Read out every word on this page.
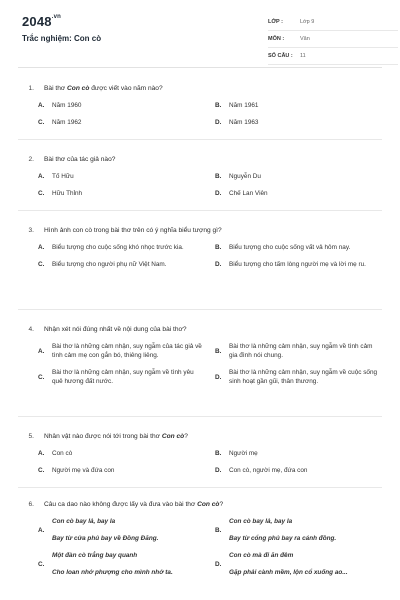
$2048^{.vn}$
Trắc nghiệm: Con cò
LỚP :	Lớp 9
MÔN :	Văn
SỐ CÂU :	11
1. Bài thơ Con cò được viết vào năm nào?
A.	Năm 1960	B.	Năm 1961
C.	Năm 1962	D.	Năm 1963
2. Bài thơ của tác giả nào?
A.	Tố Hữu	B.	Nguyễn Du
C.	Hữu Thỉnh	D.	Chế Lan Viên
3. Hình ảnh con cò trong bài thơ trên có ý nghĩa biểu tượng gì?
A.	Biểu tượng cho cuộc sống khó nhọc trước kia.	B.	Biểu tượng cho cuộc sống vất vả hôm nay.
C.	Biểu tượng cho người phụ nữ Việt Nam.	D.	Biểu tượng cho tấm lòng người mẹ và lời mẹ ru.
4. Nhận xét nói đúng nhất về nội dung của bài thơ?
A.
Bài thơ là những cảm nhận, suy ngẫm của tác giả về tình cảm mẹ con gắn bó, thiêng liêng.
B.
Bài thơ là những cảm nhận, suy ngẫm về tình cảm gia đình nói chung.
C.
Bài thơ là những cảm nhận, suy ngẫm về tình yêu quê hương đất nước.
D.
Bài thơ là những cảm nhận, suy ngẫm về cuộc sống sinh hoạt gần gũi, thân thương.
5. Nhân vật nào được nói tới trong bài thơ Con cò?
A.	Con cò	B.	Người mẹ
C.	Người mẹ và đứa con	D.	Con cò, người mẹ, đứa con
6. Câu ca dao nào không được lấy và đưa vào bài thơ Con cò?
A.
Con cò bay lả, bay la
Bay từ cửa phủ bay về Đồng Đăng.
B.
Con cò bay lả, bay la
Bay từ cổng phủ bay ra cánh đồng.
C.
Một đàn cò trắng bay quanh
Cho loan nhớ phượng cho mình nhớ ta.
D.
Con cò mà đi ăn đêm
Gặp phải cành mềm, lộn cổ xuống ao...
